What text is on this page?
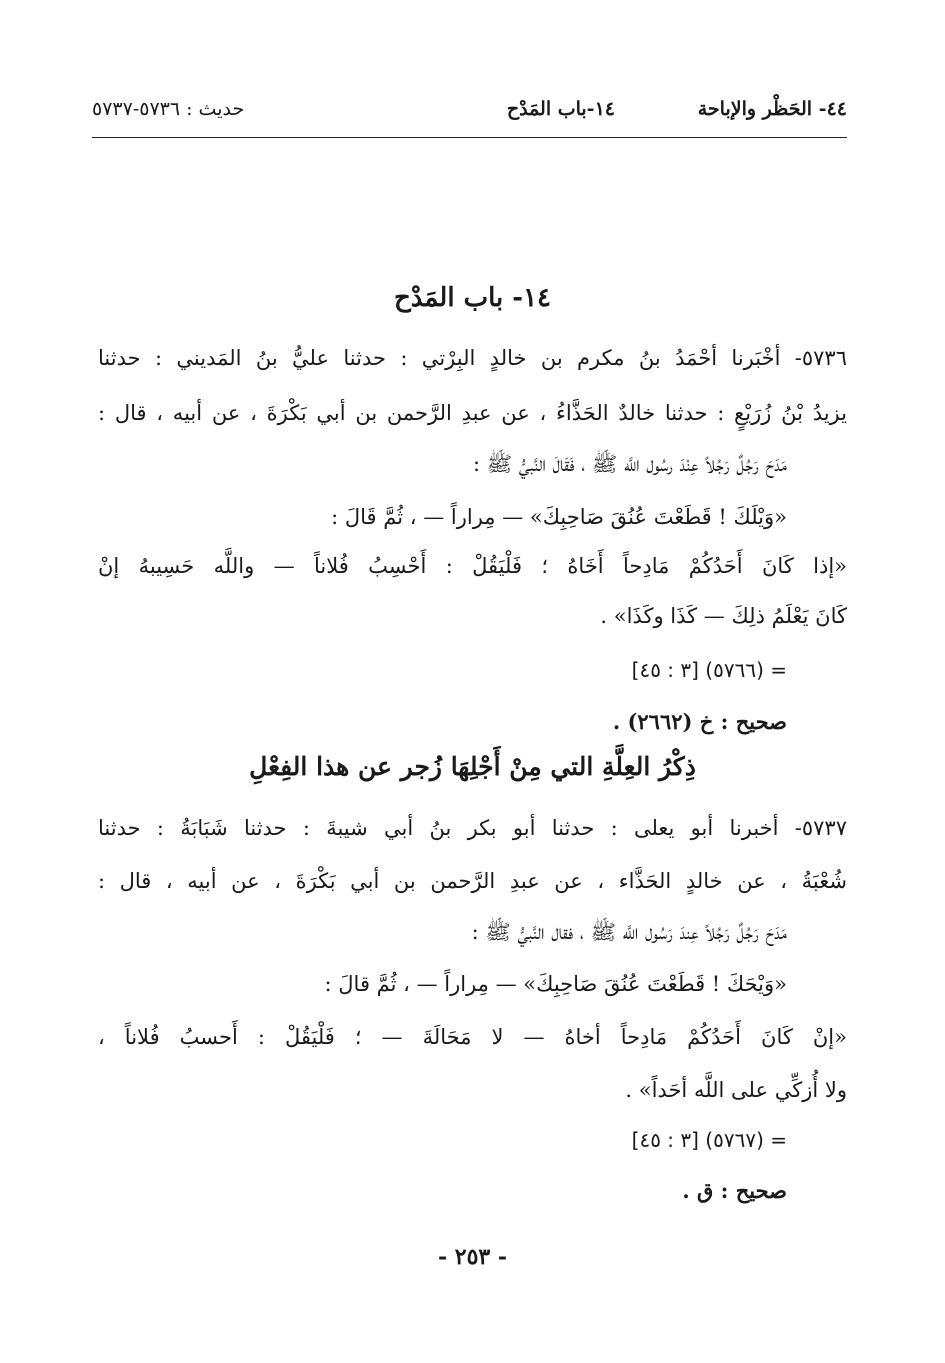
٤٤- الحَظْر والإباحة
١٤-باب المَدْح
حديث : ٥٧٣٦-٥٧٣٧
١٤- باب المَدْح
٥٧٣٦- أخْبَرنا أحْمَدُ بنُ مكرم بن خالدٍ البِرْتي : حدثنا عليُّ بنُ المَديني : حدثنا
يزيدُ بْنُ زُرَيْعٍ : حدثنا خالدٌ الحَذَّاءُ ، عن عبدِ الرَّحمن بن أبي بَكْرَةَ ، عن أبيه ، قال :
مَدَحَ رَجُلٌ رَجُلاً عِنْدَ رسُول اللَّه ﷺ ، فَقَالَ النَّبيُّ ﷺ :
«وَيْلَكَ ! قَطَعْتَ عُنُقَ صَاحِبِكَ» — مِراراً — ، ثُمَّ قَالَ :
«إذا كَانَ أَحَدُكُمْ مَادِحاً أَخَاهُ ؛ فَلْيَقُلْ : أَحْسِبُ فُلاناً — واللَّه حَسِيبهُ إنْ
كَانَ يَعْلَمُ ذلِكَ — كَذَا وكَذَا» .
= (٥٧٦٦) [٣ : ٤٥]
صحيح : خ (٢٦٦٢) .
ذِكْرُ العِلَّةِ التي مِنْ أَجْلِهَا زُجر عن هذا الفِعْلِ
٥٧٣٧- أخبرنا أبو يعلى : حدثنا أبو بكر بنُ أبي شيبةَ : حدثنا شَبَابَةُ : حدثنا
شُعْبَةُ ، عن خالدٍ الحَذَّاء ، عن عبدِ الرَّحمن بن أبي بَكْرَةَ ، عن أبيه ، قال :
مَدَحَ رَجُلٌ رَجُلاً عِندَ رَسُول اللَّه ﷺ ، فقال النَّبيُّ ﷺ :
«وَيْحَكَ ! قَطَعْتَ عُنُقَ صَاحِبِكَ» — مِراراً — ، ثُمَّ قالَ :
«إنْ كَانَ أَحَدُكُمْ مَادِحاً أخاهُ — لا مَحَالَةَ — ؛ فَلْيَقُلْ : أَحسبُ فُلاناً ،
ولا أُزكِّي على اللَّه أحَداً» .
= (٥٧٦٧) [٣ : ٤٥]
صحيح : ق .
- ٢٥٣ -
